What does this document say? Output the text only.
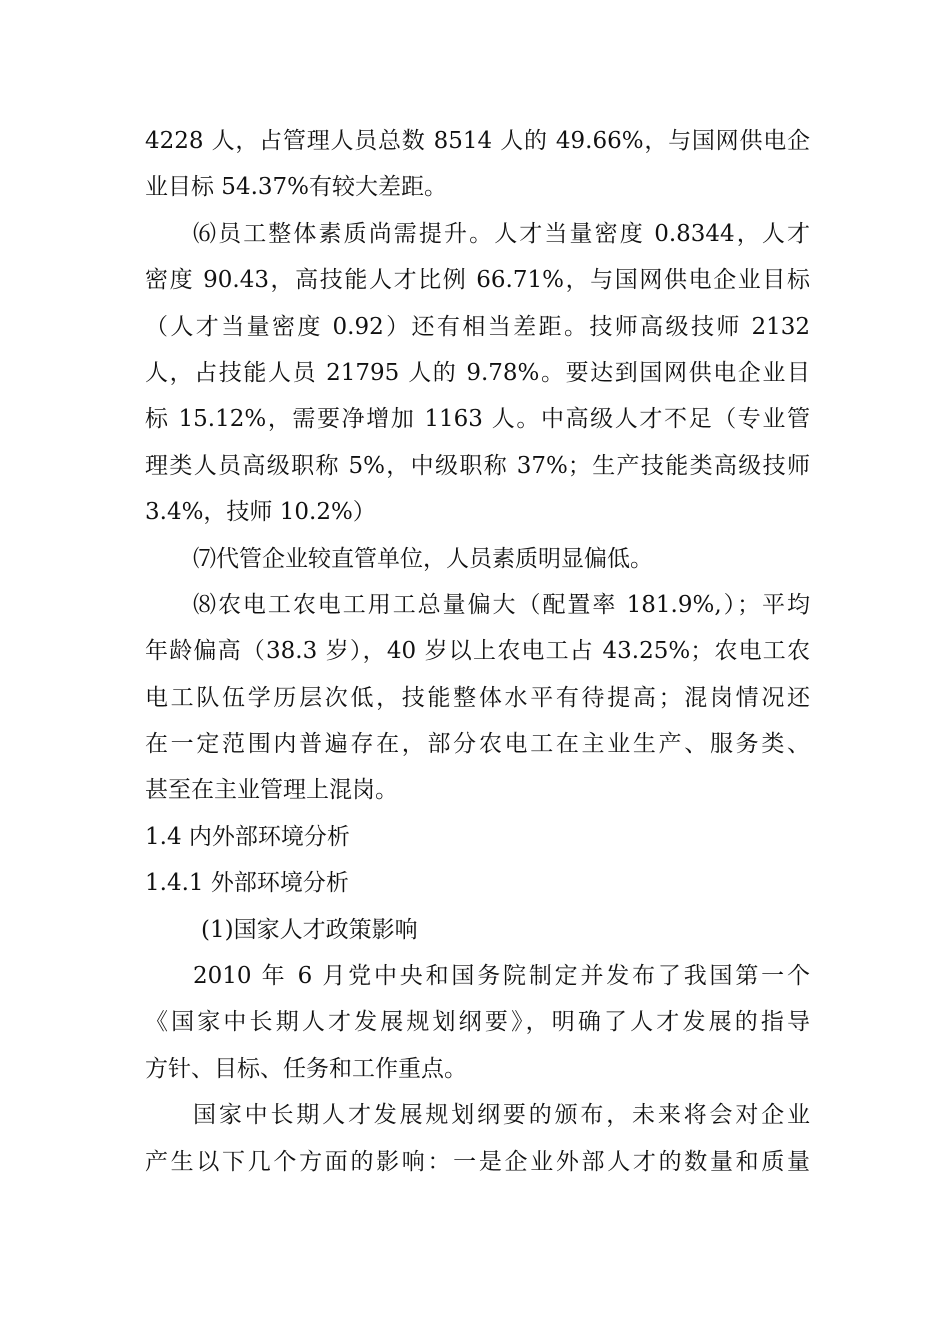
4228 人，占管理人员总数 8514 人的 49.66%，与国网供电企
业目标 54.37%有较大差距。
⑹员工整体素质尚需提升。人才当量密度 0.8344，人才
密度 90.43，高技能人才比例 66.71%，与国网供电企业目标
（人才当量密度 0.92）还有相当差距。技师高级技师 2132
人，占技能人员 21795 人的 9.78%。要达到国网供电企业目
标 15.12%，需要净增加 1163 人。中高级人才不足（专业管
理类人员高级职称 5%，中级职称 37%；生产技能类高级技师
3.4%，技师 10.2%）
⑺代管企业较直管单位，人员素质明显偏低。
⑻农电工农电工用工总量偏大（配置率 181.9%,）；平均
年龄偏高（38.3 岁），40 岁以上农电工占 43.25%；农电工农
电工队伍学历层次低，技能整体水平有待提高；混岗情况还
在一定范围内普遍存在，部分农电工在主业生产、服务类、
甚至在主业管理上混岗。
1.4 内外部环境分析
1.4.1 外部环境分析
(1)国家人才政策影响
2010 年 6 月党中央和国务院制定并发布了我国第一个
《国家中长期人才发展规划纲要》，明确了人才发展的指导
方针、目标、任务和工作重点。
国家中长期人才发展规划纲要的颁布，未来将会对企业
产生以下几个方面的影响：一是企业外部人才的数量和质量
